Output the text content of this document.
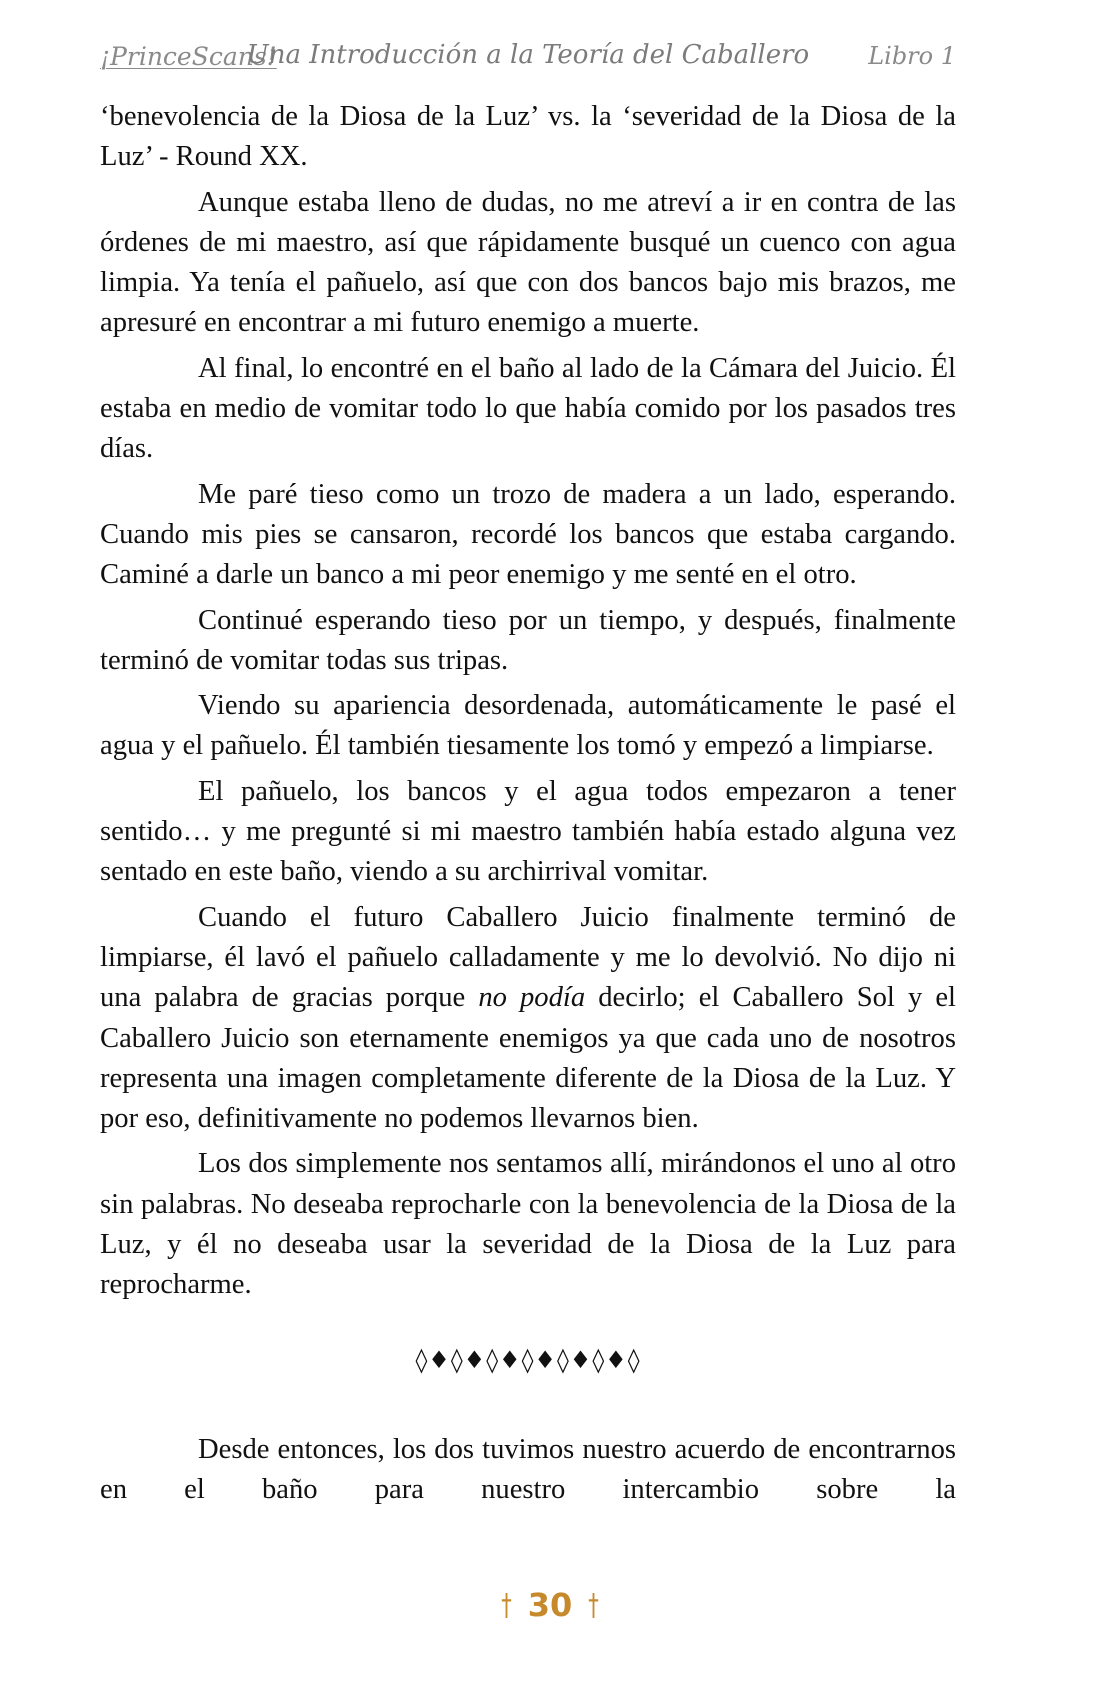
¡PrinceScans!
Una Introducción a la Teoría del Caballero	Libro 1

‘benevolencia de la Diosa de la Luz’ vs. la ‘severidad de la Diosa de la Luz’ - Round XX.

Aunque estaba lleno de dudas, no me atreví a ir en contra de las órdenes de mi maestro, así que rápidamente busqué un cuenco con agua limpia. Ya tenía el pañuelo, así que con dos bancos bajo mis brazos, me apresuré en encontrar a mi futuro enemigo a muerte.

Al final, lo encontré en el baño al lado de la Cámara del Juicio. Él estaba en medio de vomitar todo lo que había comido por los pasados tres días.

Me paré tieso como un trozo de madera a un lado, esperando. Cuando mis pies se cansaron, recordé los bancos que estaba cargando. Caminé a darle un banco a mi peor enemigo y me senté en el otro.

Continué esperando tieso por un tiempo, y después, finalmente terminó de vomitar todas sus tripas.

Viendo su apariencia desordenada, automáticamente le pasé el agua y el pañuelo. Él también tiesamente los tomó y empezó a limpiarse.

El pañuelo, los bancos y el agua todos empezaron a tener sentido… y me pregunté si mi maestro también había estado alguna vez sentado en este baño, viendo a su archirrival vomitar.

Cuando el futuro Caballero Juicio finalmente terminó de limpiarse, él lavó el pañuelo calladamente y me lo devolvió. No dijo ni una palabra de gracias porque no podía decirlo; el Caballero Sol y el Caballero Juicio son eternamente enemigos ya que cada uno de nosotros representa una imagen completamente diferente de la Diosa de la Luz. Y por eso, definitivamente no podemos llevarnos bien.

Los dos simplemente nos sentamos allí, mirándonos el uno al otro sin palabras. No deseaba reprocharle con la benevolencia de la Diosa de la Luz, y él no deseaba usar la severidad de la Diosa de la Luz para reprocharme.

◊♦◊♦◊♦◊♦◊♦◊♦◊

Desde entonces, los dos tuvimos nuestro acuerdo de encontrarnos en el baño para nuestro intercambio sobre la

† 30 †
